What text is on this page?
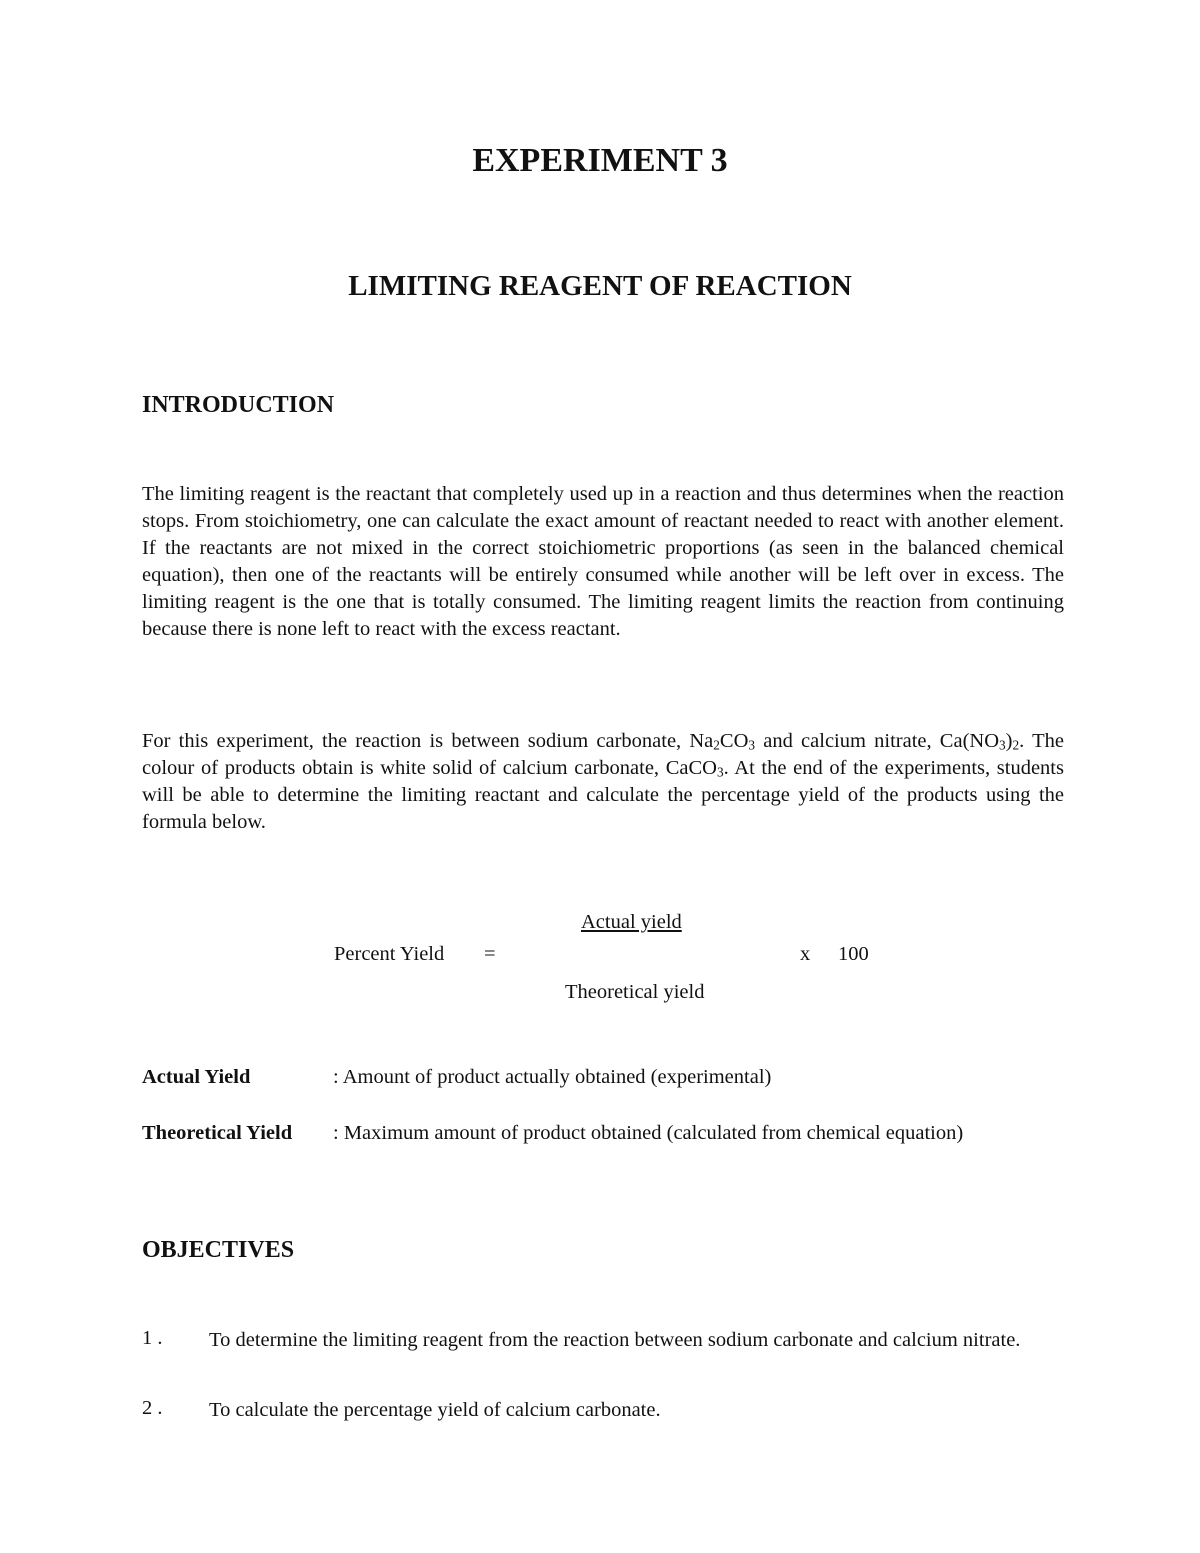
EXPERIMENT 3
LIMITING REAGENT OF REACTION
INTRODUCTION

The limiting reagent is the reactant that completely used up in a reaction and thus determines when the reaction stops. From stoichiometry, one can calculate the exact amount of reactant needed to react with another element. If the reactants are not mixed in the correct stoichiometric proportions (as seen in the balanced chemical equation), then one of the reactants will be entirely consumed while another will be left over in excess. The limiting reagent is the one that is totally consumed. The limiting reagent limits the reaction from continuing because there is none left to react with the excess reactant.

For this experiment, the reaction is between sodium carbonate, $Na_2CO_3$ and calcium nitrate, $Ca(NO_3)_2$. The colour of products obtain is white solid of calcium carbonate, CaCO$_3$. At the end of the experiments, students will be able to determine the limiting reactant and calculate the percentage yield of the products using the formula below.

Actual yield
Percent Yield =
Theoretical yield
x 100
Actual Yield	: Amount of product actually obtained (experimental)
Theoretical Yield : Maximum amount of product obtained (calculated from chemical equation)
OBJECTIVES
1 . To determine the limiting reagent from the reaction between sodium carbonate and calcium nitrate.

2 . To calculate the percentage yield of calcium carbonate.
